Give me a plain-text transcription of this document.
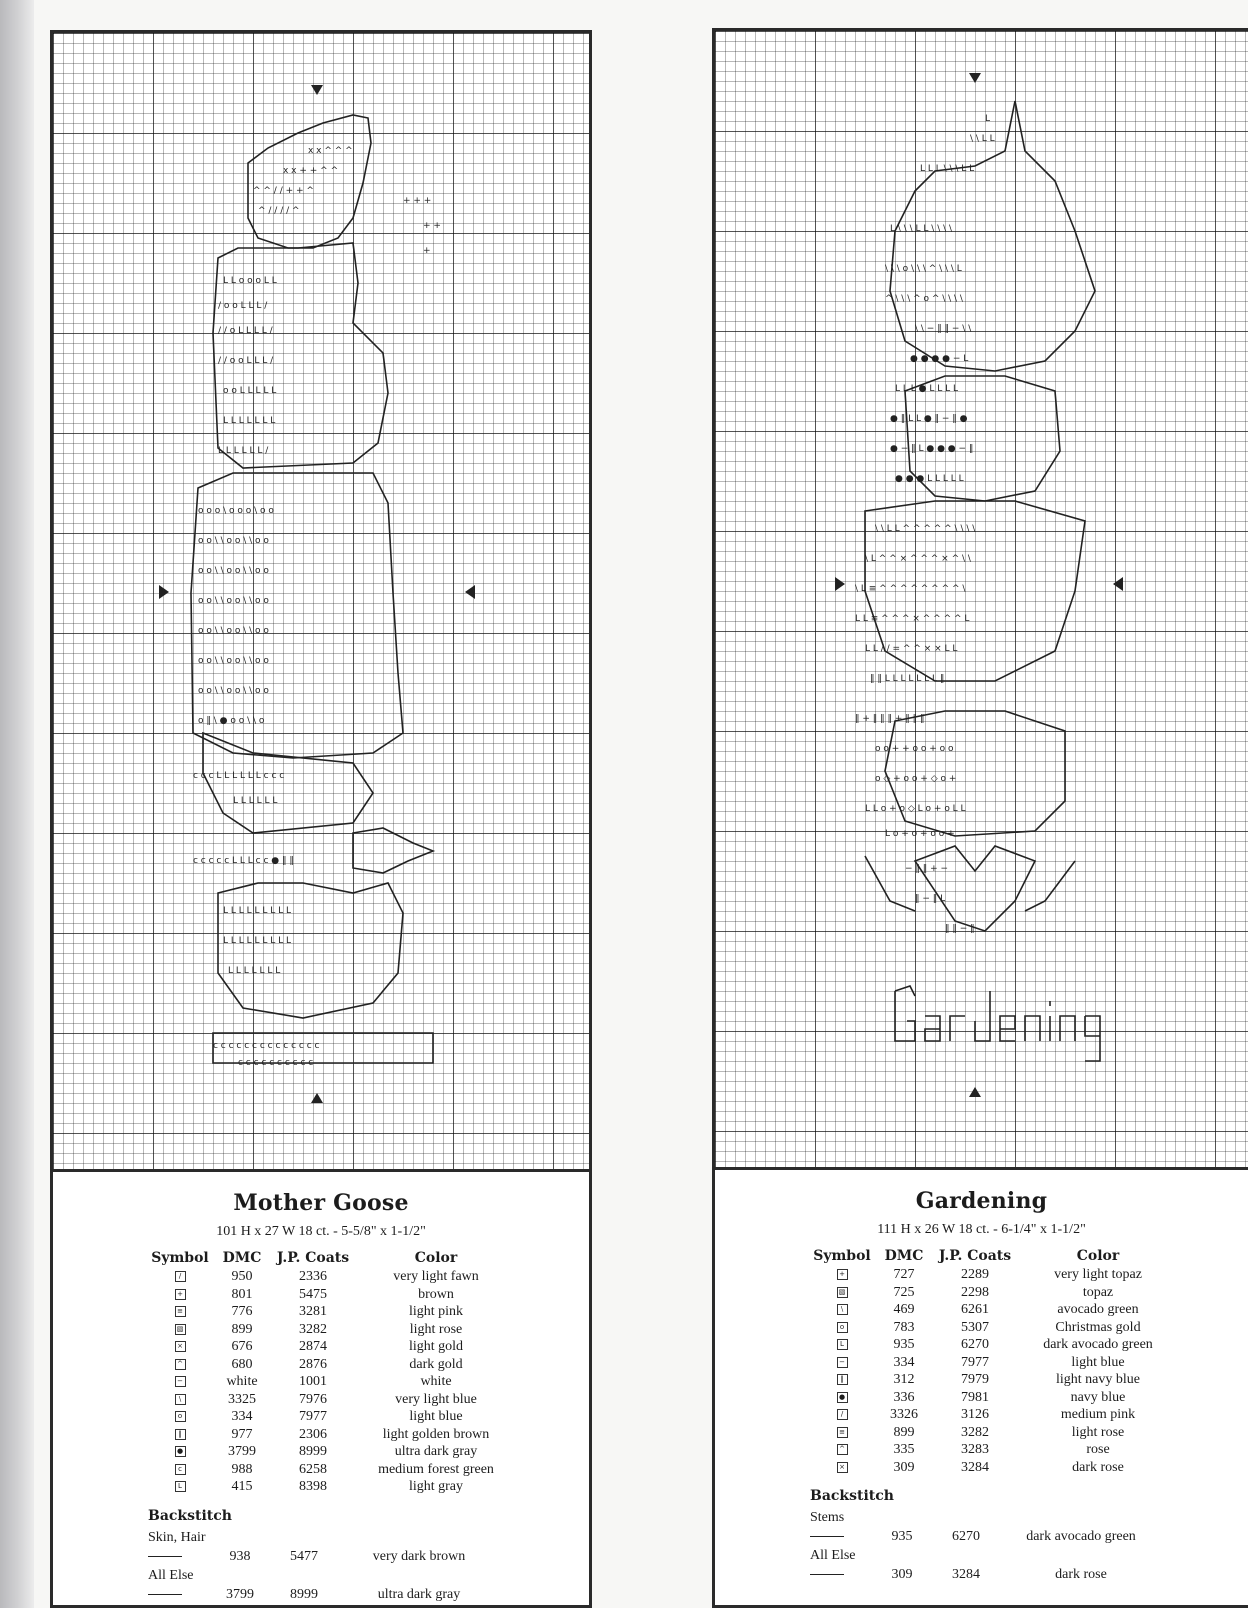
x x ^ ^ ^
x x + + ^ ^
^ ^ / / + + ^
^ / / / / ^
+ + +
+ +
+
L L o o o L L
/ o o L L L /
/ / o L L L L /
/ / o o L L L /
o o L L L L L
L L L L L L L
L L L L L L /
o o o \ o o o \ o o
o o \ \ o o \ \ o o
o o \ \ o o \ \ o o
o o \ \ o o \ \ o o
o o \ \ o o \ \ o o
o o \ \ o o \ \ o o
o o \ \ o o \ \ o o
o ‖ \ ● o o \ \ o
c c c L L L L L L c c c
L L L L L L
c c c c c L L L c c ● ‖ ‖
L L L L L L L L L
L L L L L L L L L
L L L L L L L
c c c c c c c c c c c c c c
c c c c c c c c c c
Mother Goose
101 H x 27 W 18 ct. - 5-5/8" x 1-1/2"
Symbol	DMC	J.P. Coats	Color
/	950	2336	very light fawn
+	801	5475	brown
≡	776	3281	light pink
▧	899	3282	light rose
×	676	2874	light gold
^	680	2876	dark gold
−	white	1001	white
\	3325	7976	very light blue
o	334	7977	light blue
‖	977	2306	light golden brown
●	3799	8999	ultra dark gray
c	988	6258	medium forest green
L	415	8398	light gray
Backstitch
Skin, Hair
938	5477	very dark brown
All Else
3799	8999	ultra dark gray
L
\ \ L L
L L L \ \ \ L L
L \ \ \ L L \ \ \ \
\ \ \ o \ \ \ ^ \ \ \ L
^ \ \ \ ^ o ^ \ \ \ \
\ \ − ‖ ‖ − \ \
● ● ● ● − L
L L L ● L L L L
● ‖ L L ● ‖ − ‖ ●
● − ‖ L ● ● ● − ‖
● ● ● L L L L L
\ \ L L ^ ^ ^ ^ ^ \ \ \ \
\ L ^ ^ × ^ ^ ^ × ^ \ \
\ L ≡ ^ ^ ^ ^ ^ ^ ^ ^ \
L L ≡ ^ ^ ^ × ^ ^ ^ ^ L
L L / / = ^ ^ × × L L
‖ ‖ L L L L L L L ‖
‖ + ‖ ‖ ‖ + ‖ ‖ ‖
o o + + o o + o o
o ◇ + o o + ◇ o +
L L o + o ◇ L o + o L L
L o + o + o o +
− ‖ ‖ + −
‖ − ‖ L
‖ ‖ − ‖
Gardening
111 H x 26 W 18 ct. - 6-1/4" x 1-1/2"
Symbol	DMC	J.P. Coats	Color
+	727	2289	very light topaz
▧	725	2298	topaz
\	469	6261	avocado green
o	783	5307	Christmas gold
L	935	6270	dark avocado green
−	334	7977	light blue
‖	312	7979	light navy blue
●	336	7981	navy blue
/	3326	3126	medium pink
≡	899	3282	light rose
^	335	3283	rose
×	309	3284	dark rose
Backstitch
Stems
935	6270	dark avocado green
All Else
309	3284	dark rose
